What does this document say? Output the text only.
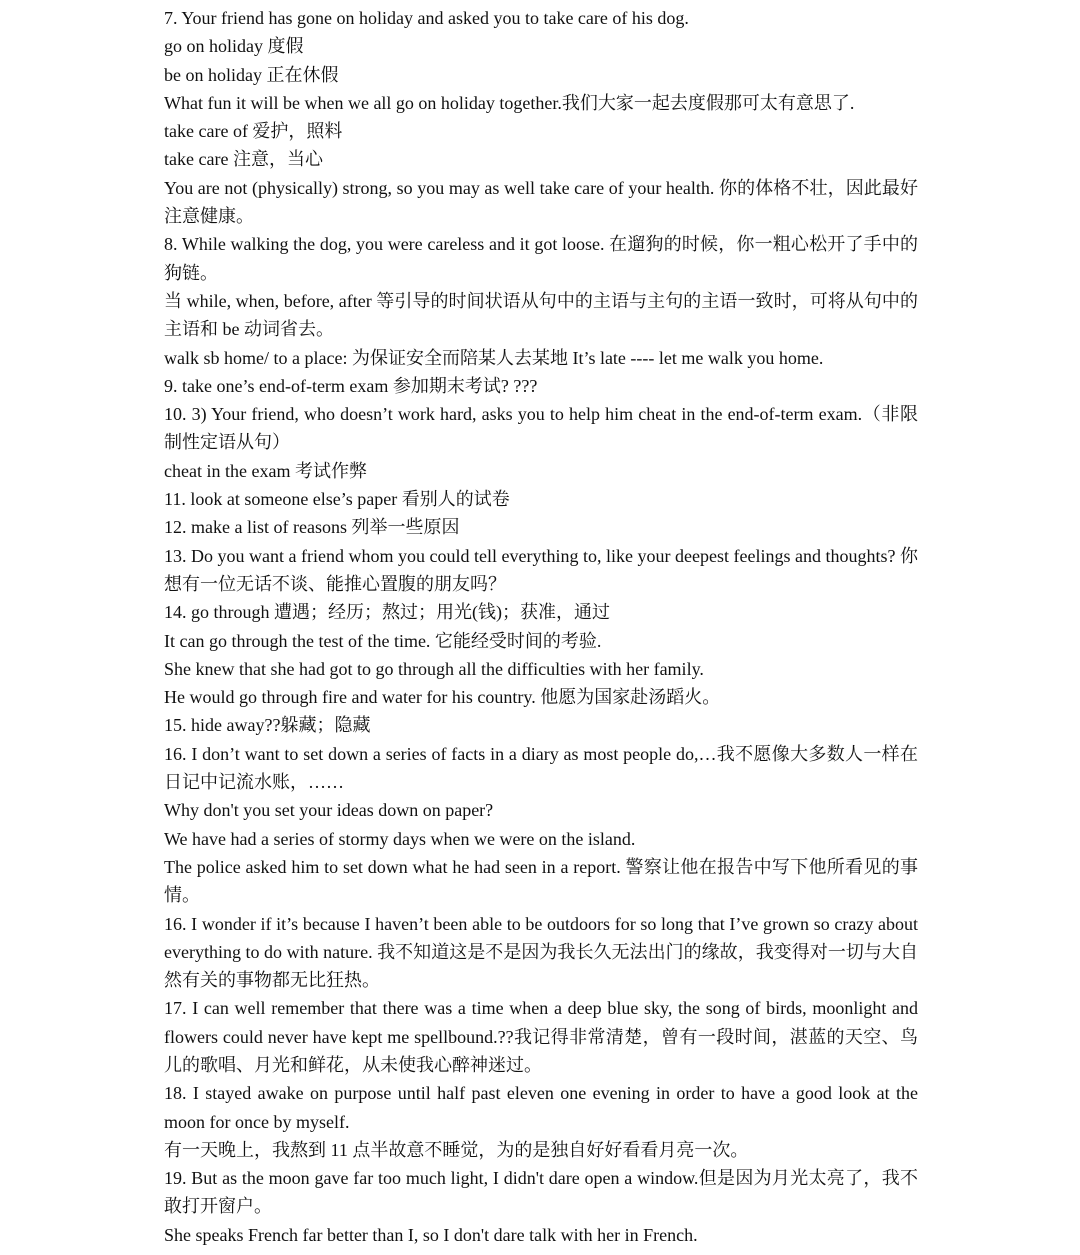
7. Your friend has gone on holiday and asked you to take care of his dog.

go on holiday 度假

be on holiday 正在休假

What fun it will be when we all go on holiday together.我们大家一起去度假那可太有意思了.

take care of 爱护，照料

take care 注意，当心

You are not (physically) strong, so you may as well take care of your health. 你的体格不壮，因此最好注意健康。

8. While walking the dog, you were careless and it got loose. 在遛狗的时候，你一粗心松开了手中的狗链。

当 while, when, before, after 等引导的时间状语从句中的主语与主句的主语一致时，可将从句中的主语和 be 动词省去。

walk sb home/ to a place: 为保证安全而陪某人去某地 It’s late ---- let me walk you home.

9. take one’s end-of-term exam 参加期末考试? ???

10. 3) Your friend, who doesn’t work hard, asks you to help him cheat in the end-of-term exam.（非限制性定语从句）

cheat in the exam 考试作弊

11. look at someone else’s paper 看别人的试卷

12. make a list of reasons 列举一些原因

13. Do you want a friend whom you could tell everything to, like your deepest feelings and thoughts? 你想有一位无话不谈、能推心置腹的朋友吗？

14. go through 遭遇；经历；熬过；用光(钱)；获准，通过

It can go through the test of the time. 它能经受时间的考验.

She knew that she had got to go through all the difficulties with her family.

He would go through fire and water for his country. 他愿为国家赴汤蹈火。

15. hide away??躲藏；隐藏

16. I don’t want to set down a series of facts in a diary as most people do,…我不愿像大多数人一样在日记中记流水账，……

Why don't you set your ideas down on paper?

We have had a series of stormy days when we were on the island.

The police asked him to set down what he had seen in a report. 警察让他在报告中写下他所看见的事情。

16. I wonder if it’s because I haven’t been able to be outdoors for so long that I’ve grown so crazy about everything to do with nature. 我不知道这是不是因为我长久无法出门的缘故，我变得对一切与大自然有关的事物都无比狂热。

17. I can well remember that there was a time when a deep blue sky, the song of birds, moonlight and flowers could never have kept me spellbound.??我记得非常清楚，曾有一段时间，湛蓝的天空、鸟儿的歌唱、月光和鲜花，从未使我心醉神迷过。

18. I stayed awake on purpose until half past eleven one evening in order to have a good look at the moon for once by myself.

有一天晚上，我熬到 11 点半故意不睡觉，为的是独自好好看看月亮一次。

19. But as the moon gave far too much light, I didn't dare open a window.但是因为月光太亮了，我不敢打开窗户。

She speaks French far better than I, so I don't dare talk with her in French.
